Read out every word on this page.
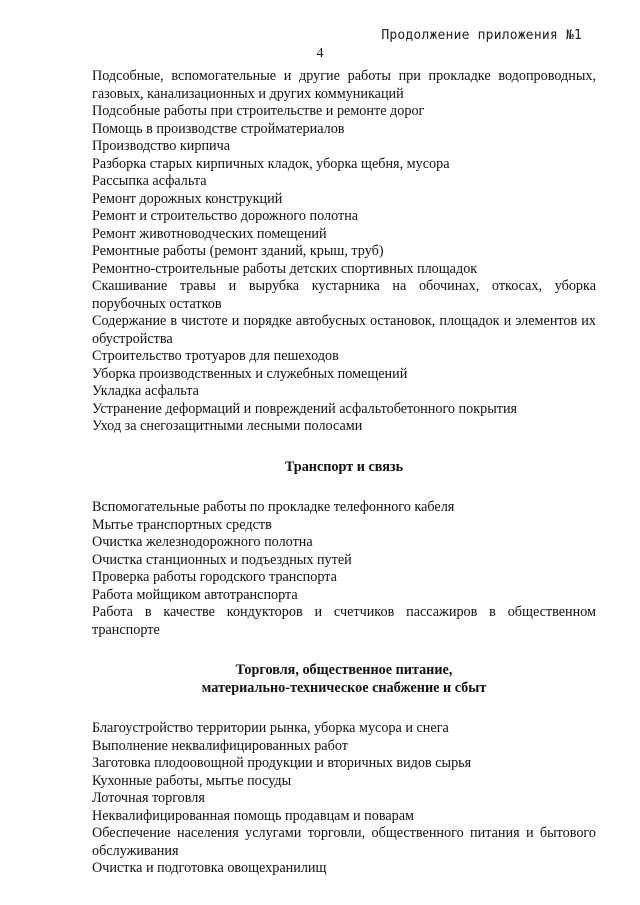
Продолжение приложения №1
4

Подсобные, вспомогательные и другие работы при прокладке водопроводных, газовых, канализационных и других коммуникаций

Подсобные работы при строительстве и ремонте дорог

Помощь в производстве стройматериалов

Производство кирпича

Разборка старых кирпичных кладок, уборка щебня, мусора

Рассыпка асфальта

Ремонт дорожных конструкций

Ремонт и строительство дорожного полотна

Ремонт животноводческих помещений

Ремонтные работы (ремонт зданий, крыш, труб)

Ремонтно-строительные работы детских спортивных площадок

Скашивание травы и вырубка кустарника на обочинах, откосах, уборка порубочных остатков

Содержание в чистоте и порядке автобусных остановок, площадок и элементов их обустройства

Строительство тротуаров для пешеходов

Уборка производственных и служебных помещений

Укладка асфальта

Устранение деформаций и повреждений асфальтобетонного покрытия

Уход за снегозащитными лесными полосами

Транспорт и связь

Вспомогательные работы по прокладке телефонного кабеля

Мытье транспортных средств

Очистка железнодорожного полотна

Очистка станционных и подъездных путей

Проверка работы городского транспорта

Работа мойщиком автотранспорта

Работа в качестве кондукторов и счетчиков пассажиров в общественном транспорте

Торговля, общественное питание,

материально-техническое снабжение и сбыт

Благоустройство территории рынка, уборка мусора и снега

Выполнение неквалифицированных работ

Заготовка плодоовощной продукции и вторичных видов сырья

Кухонные работы, мытье посуды

Лоточная торговля

Неквалифицированная помощь продавцам и поварам

Обеспечение населения услугами торговли, общественного питания и бытового обслуживания

Очистка и подготовка овощехранилищ
